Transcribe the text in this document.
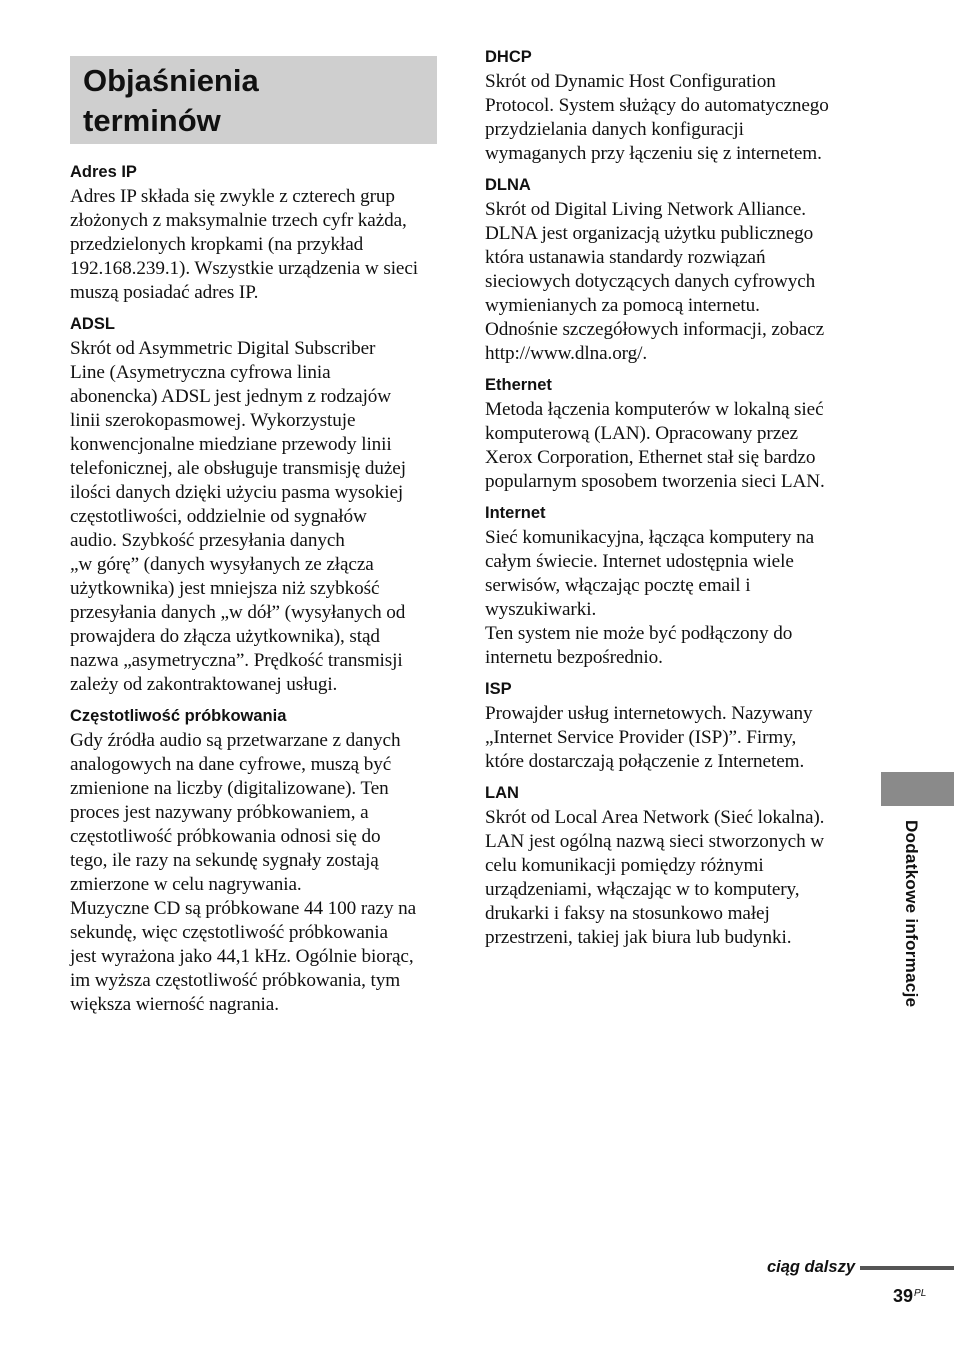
Objaśnienia
terminów
Adres IP

Adres IP składa się zwykle z czterech grup
złożonych z maksymalnie trzech cyfr każda,
przedzielonych kropkami (na przykład
192.168.239.1). Wszystkie urządzenia w sieci
muszą posiadać adres IP.

ADSL

Skrót od Asymmetric Digital Subscriber
Line (Asymetryczna cyfrowa linia
abonencka) ADSL jest jednym z rodzajów
linii szerokopasmowej. Wykorzystuje
konwencjonalne miedziane przewody linii
telefonicznej, ale obsługuje transmisję dużej
ilości danych dzięki użyciu pasma wysokiej
częstotliwości, oddzielnie od sygnałów
audio. Szybkość przesyłania danych
„w górę” (danych wysyłanych ze złącza
użytkownika) jest mniejsza niż szybkość
przesyłania danych „w dół” (wysyłanych od
prowajdera do złącza użytkownika), stąd
nazwa „asymetryczna”. Prędkość transmisji
zależy od zakontraktowanej usługi.

Częstotliwość próbkowania

Gdy źródła audio są przetwarzane z danych
analogowych na dane cyfrowe, muszą być
zmienione na liczby (digitalizowane). Ten
proces jest nazywany próbkowaniem, a
częstotliwość próbkowania odnosi się do
tego, ile razy na sekundę sygnały zostają
zmierzone w celu nagrywania.
Muzyczne CD są próbkowane 44 100 razy na
sekundę, więc częstotliwość próbkowania
jest wyrażona jako 44,1 kHz. Ogólnie biorąc,
im wyższa częstotliwość próbkowania, tym
większa wierność nagrania.

DHCP

Skrót od Dynamic Host Configuration
Protocol. System służący do automatycznego
przydzielania danych konfiguracji
wymaganych przy łączeniu się z internetem.

DLNA

Skrót od Digital Living Network Alliance.
DLNA jest organizacją użytku publicznego
która ustanawia standardy rozwiązań
sieciowych dotyczących danych cyfrowych
wymienianych za pomocą internetu.
Odnośnie szczegółowych informacji, zobacz
http://www.dlna.org/.

Ethernet

Metoda łączenia komputerów w lokalną sieć
komputerową (LAN). Opracowany przez
Xerox Corporation, Ethernet stał się bardzo
popularnym sposobem tworzenia sieci LAN.

Internet

Sieć komunikacyjna, łącząca komputery na
całym świecie. Internet udostępnia wiele
serwisów, włączając pocztę email i
wyszukiwarki.
Ten system nie może być podłączony do
internetu bezpośrednio.

ISP

Prowajder usług internetowych. Nazywany
„Internet Service Provider (ISP)”. Firmy,
które dostarczają połączenie z Internetem.

LAN

Skrót od Local Area Network (Sieć lokalna).
LAN jest ogólną nazwą sieci stworzonych w
celu komunikacji pomiędzy różnymi
urządzeniami, włączając w to komputery,
drukarki i faksy na stosunkowo małej
przestrzeni, takiej jak biura lub budynki.	Dodatkowe informacje
ciąg dalszy
$39^{PL}$
